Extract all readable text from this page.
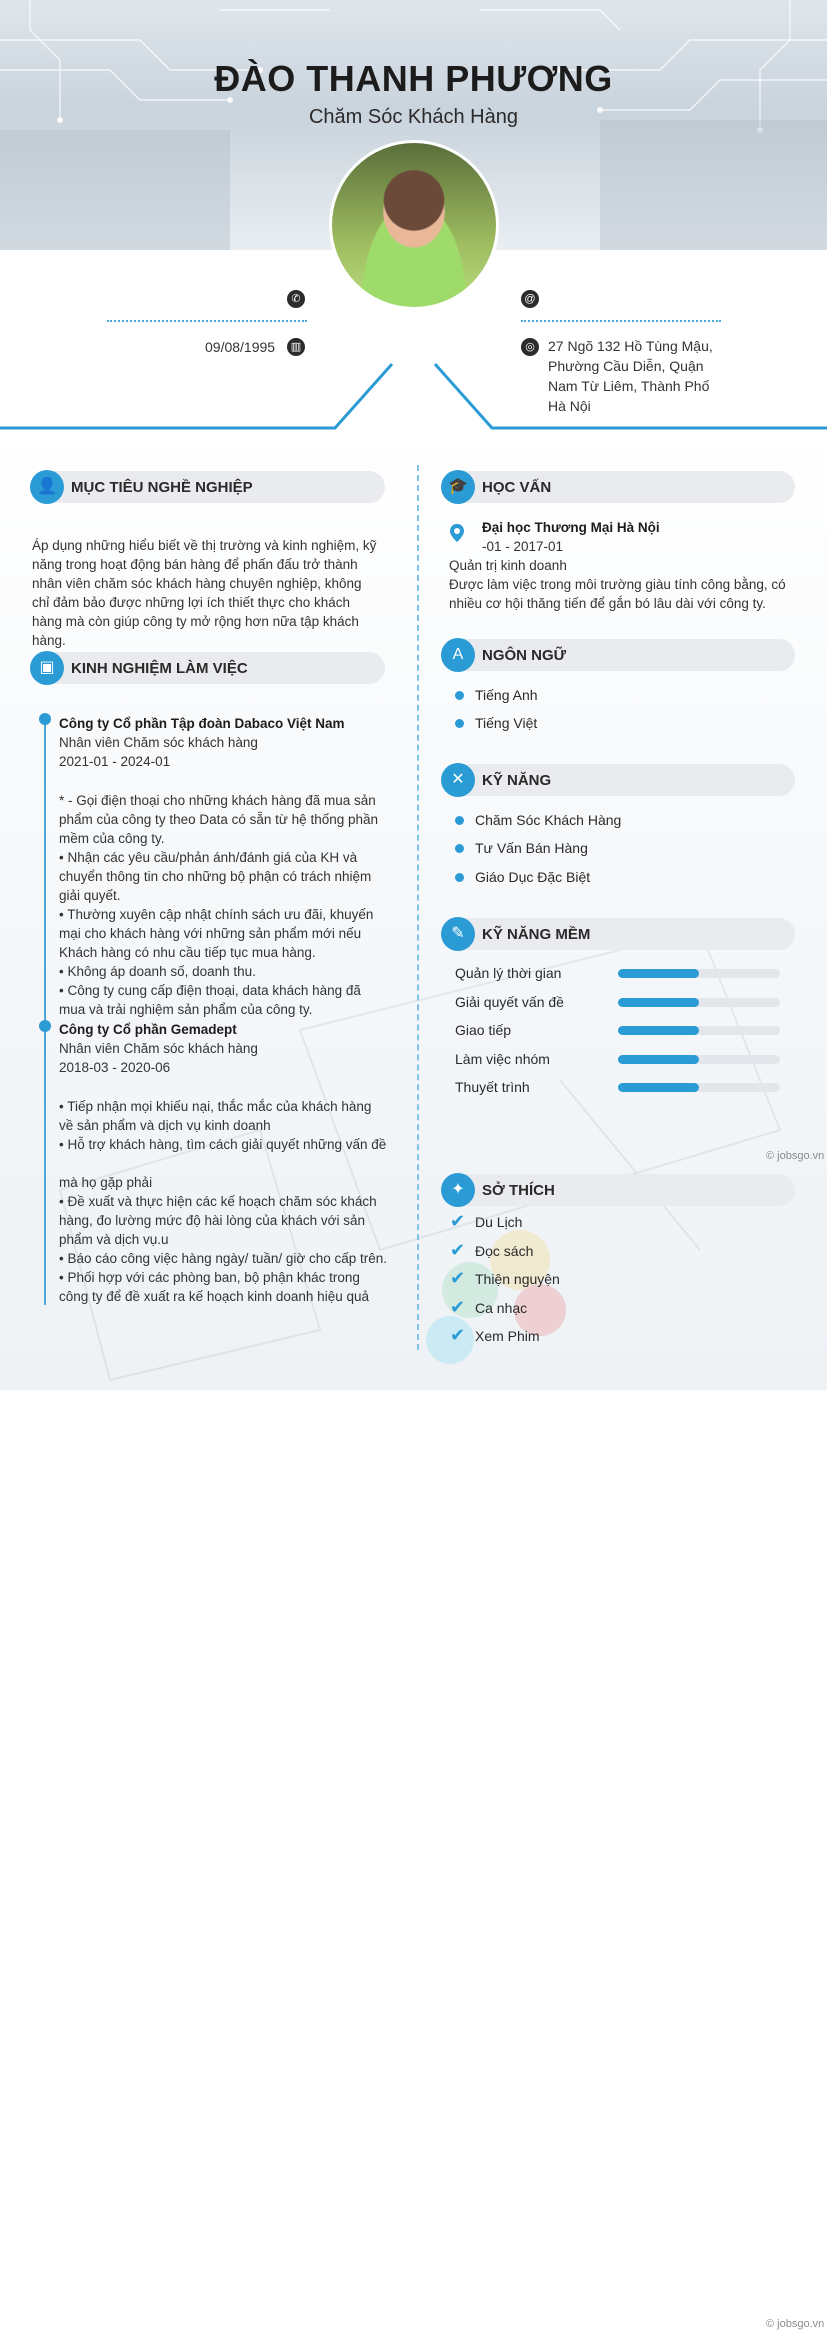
ĐÀO THANH PHƯƠNG
Chăm Sóc Khách Hàng
✆	@
09/08/1995	▥	◎ 27 Ngõ 132 Hồ Tùng Mậu, Phường Cầu Diễn, Quận Nam Từ Liêm, Thành Phố Hà Nội
👤 MỤC TIÊU NGHỀ NGHIỆP
Áp dụng những hiểu biết về thị trường và kinh nghiệm, kỹ năng trong hoạt động bán hàng để phấn đấu trở thành nhân viên chăm sóc khách hàng chuyên nghiệp, không chỉ đảm bảo được những lợi ích thiết thực cho khách hàng mà còn giúp công ty mở rộng hơn nữa tập khách hàng.
▣	KINH NGHIỆM LÀM VIỆC
Công ty Cổ phần Tập đoàn Dabaco Việt Nam
Nhân viên Chăm sóc khách hàng
2021-01 - 2024-01
* - Gọi điện thoại cho những khách hàng đã mua sản phẩm của công ty theo Data có sẵn từ hệ thống phần mềm của công ty.
• Nhận các yêu cầu/phản ánh/đánh giá của KH và chuyển thông tin cho những bộ phận có trách nhiệm giải quyết.
• Thường xuyên cập nhật chính sách ưu đãi, khuyến mại cho khách hàng với những sản phẩm mới nếu Khách hàng có nhu cầu tiếp tục mua hàng.
• Không áp doanh số, doanh thu.
• Công ty cung cấp điện thoại, data khách hàng đã mua và trải nghiệm sản phẩm của công ty.
Công ty Cổ phần Gemadept
Nhân viên Chăm sóc khách hàng
2018-03 - 2020-06
• Tiếp nhận mọi khiếu nại, thắc mắc của khách hàng về sản phẩm và dịch vụ kinh doanh
• Hỗ trợ khách hàng, tìm cách giải quyết những vấn đề

mà họ gặp phải
• Đề xuất và thực hiện các kế hoạch chăm sóc khách hàng, đo lường mức độ hài lòng của khách với sản phẩm và dịch vụ.u
• Báo cáo công việc hàng ngày/ tuần/ giờ cho cấp trên.
• Phối hợp với các phòng ban, bộ phận khác trong công ty để đề xuất ra kế hoạch kinh doanh hiệu quả
🎓 HỌC VẤN
Đại học Thương Mại Hà Nội
-01 - 2017-01
Quản trị kinh doanh
Được làm việc trong môi trường giàu tính công bằng, có nhiều cơ hội thăng tiến để gắn bó lâu dài với công ty.
A	NGÔN NGỮ
Tiếng Anh
Tiếng Việt
✕	KỸ NĂNG
Chăm Sóc Khách Hàng
Tư Vấn Bán Hàng
Giáo Dục Đặc Biệt
✎	KỸ NĂNG MỀM
Quản lý thời gian
Giải quyết vấn đề
Giao tiếp
Làm việc nhóm
Thuyết trình
© jobsgo.vn
✦	SỞ THÍCH
✔ Du Lịch
✔ Đọc sách
✔ Thiện nguyện
✔ Ca nhạc
✔ Xem Phim
© jobsgo.vn
